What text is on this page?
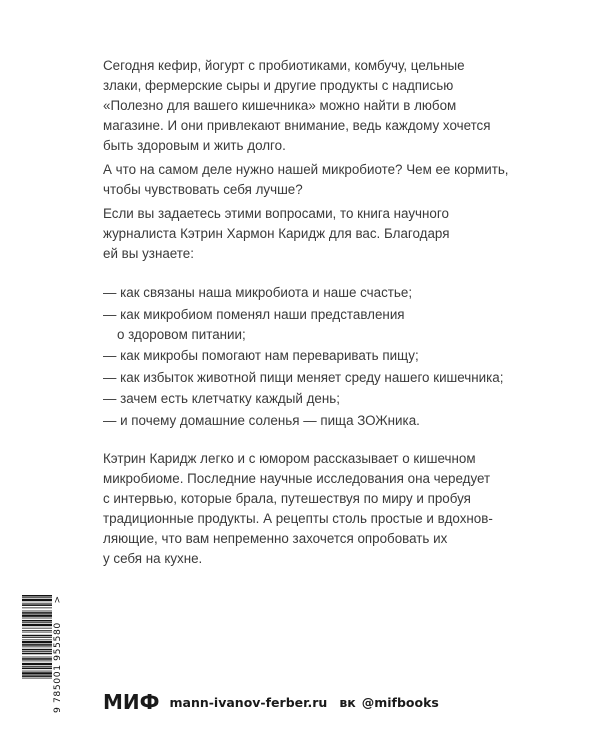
Сегодня кефир, йогурт с пробиотиками, комбучу, цельные
злаки, фермерские сыры и другие продукты с надписью
«Полезно для вашего кишечника» можно найти в любом
магазине. И они привлекают внимание, ведь каждому хочется
быть здоровым и жить долго.
А что на самом деле нужно нашей микробиоте? Чем ее кормить,
чтобы чувствовать себя лучше?
Если вы задаетесь этими вопросами, то книга научного
журналиста Кэтрин Хармон Каридж для вас. Благодаря
ей вы узнаете:
— как связаны наша микробиота и наше счастье;
— как микробиом поменял наши представления
о здоровом питании;
— как микробы помогают нам переваривать пищу;
— как избыток животной пищи меняет среду нашего кишечника;
— зачем есть клетчатку каждый день;
— и почему домашние соленья — пища ЗОЖника.
Кэтрин Каридж легко и с юмором рассказывает о кишечном
микробиоме. Последние научные исследования она чередует
с интервью, которые брала, путешествуя по миру и пробуя
традиционные продукты. А рецепты столь простые и вдохнов-
ляющие, что вам непременно захочется опробовать их
у себя на кухне.
9 785001 955580
>
МИФ mann-ivanov-ferber.ru вк @mifbooks
